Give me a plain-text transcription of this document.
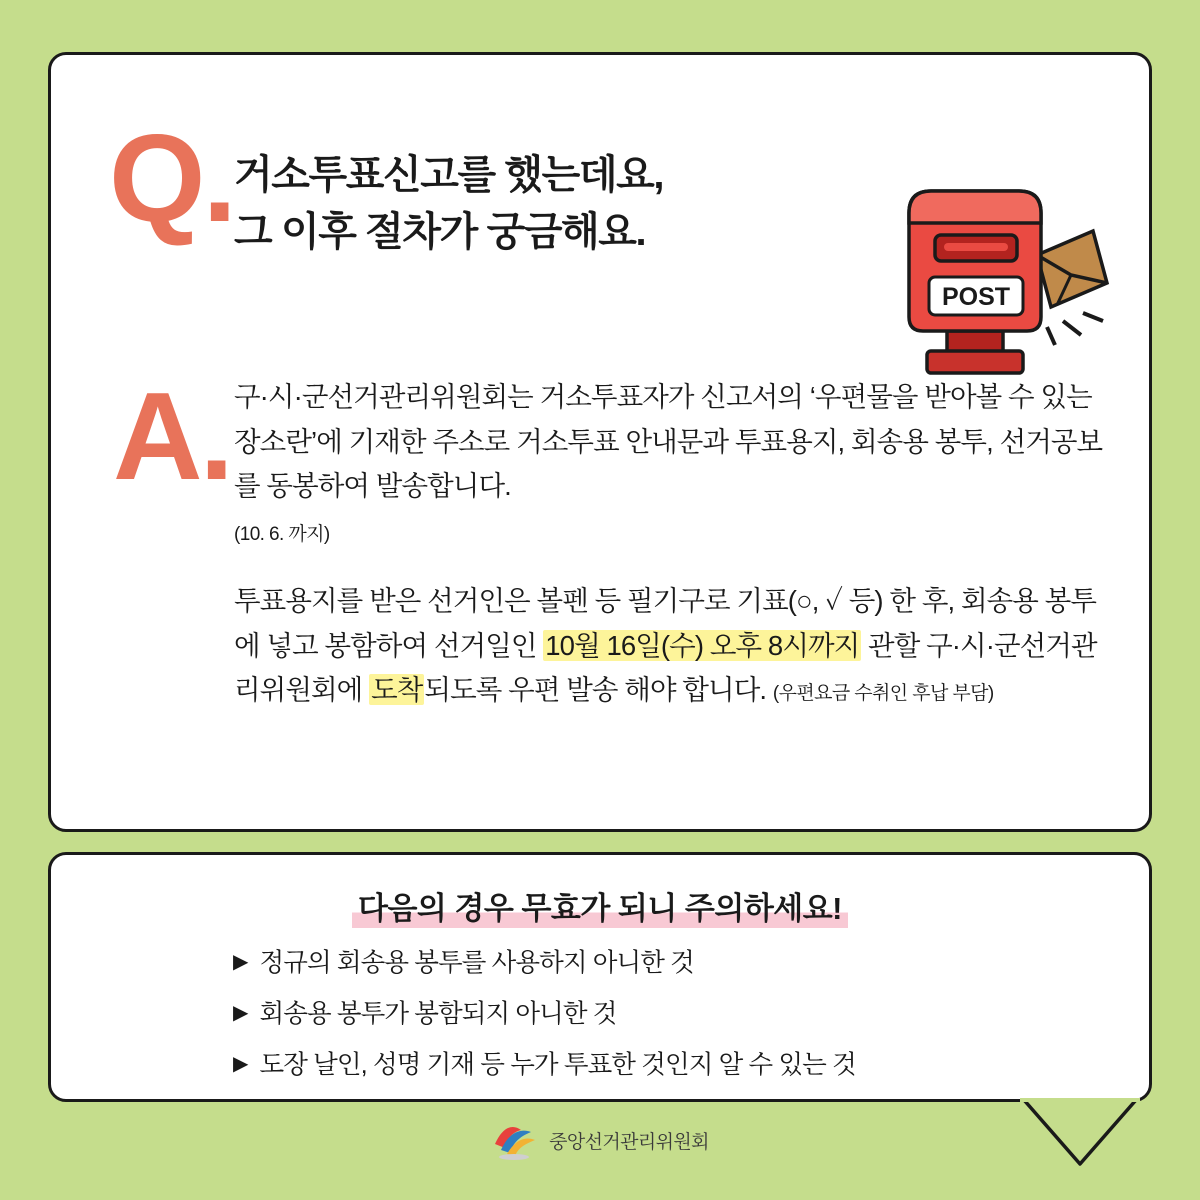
Q. 거소투표신고를 했는데요,
그 이후 절차가 궁금해요.
POST
A. 구·시·군선거관리위원회는 거소투표자가 신고서의 ‘우편물을 받아볼 수 있는 장소란’에 기재한 주소로 거소투표 안내문과 투표용지, 회송용 봉투, 선거공보를 동봉하여 발송합니다.
(10. 6. 까지)

투표용지를 받은 선거인은 볼펜 등 필기구로 기표(○, ✓ 등) 한 후, 회송용 봉투에 넣고 봉함하여 선거일인 10월 16일(수) 오후 8시까지 관할 구·시·군선거관리위원회에 도착되도록 우편 발송 해야 합니다. (우편요금 수취인 후납 부담)

다음의 경우 무효가 되니 주의하세요!
▶ 정규의 회송용 봉투를 사용하지 아니한 것
▶ 회송용 봉투가 봉함되지 아니한 것
▶ 도장 날인, 성명 기재 등 누가 투표한 것인지 알 수 있는 것
중앙선거관리위원회
